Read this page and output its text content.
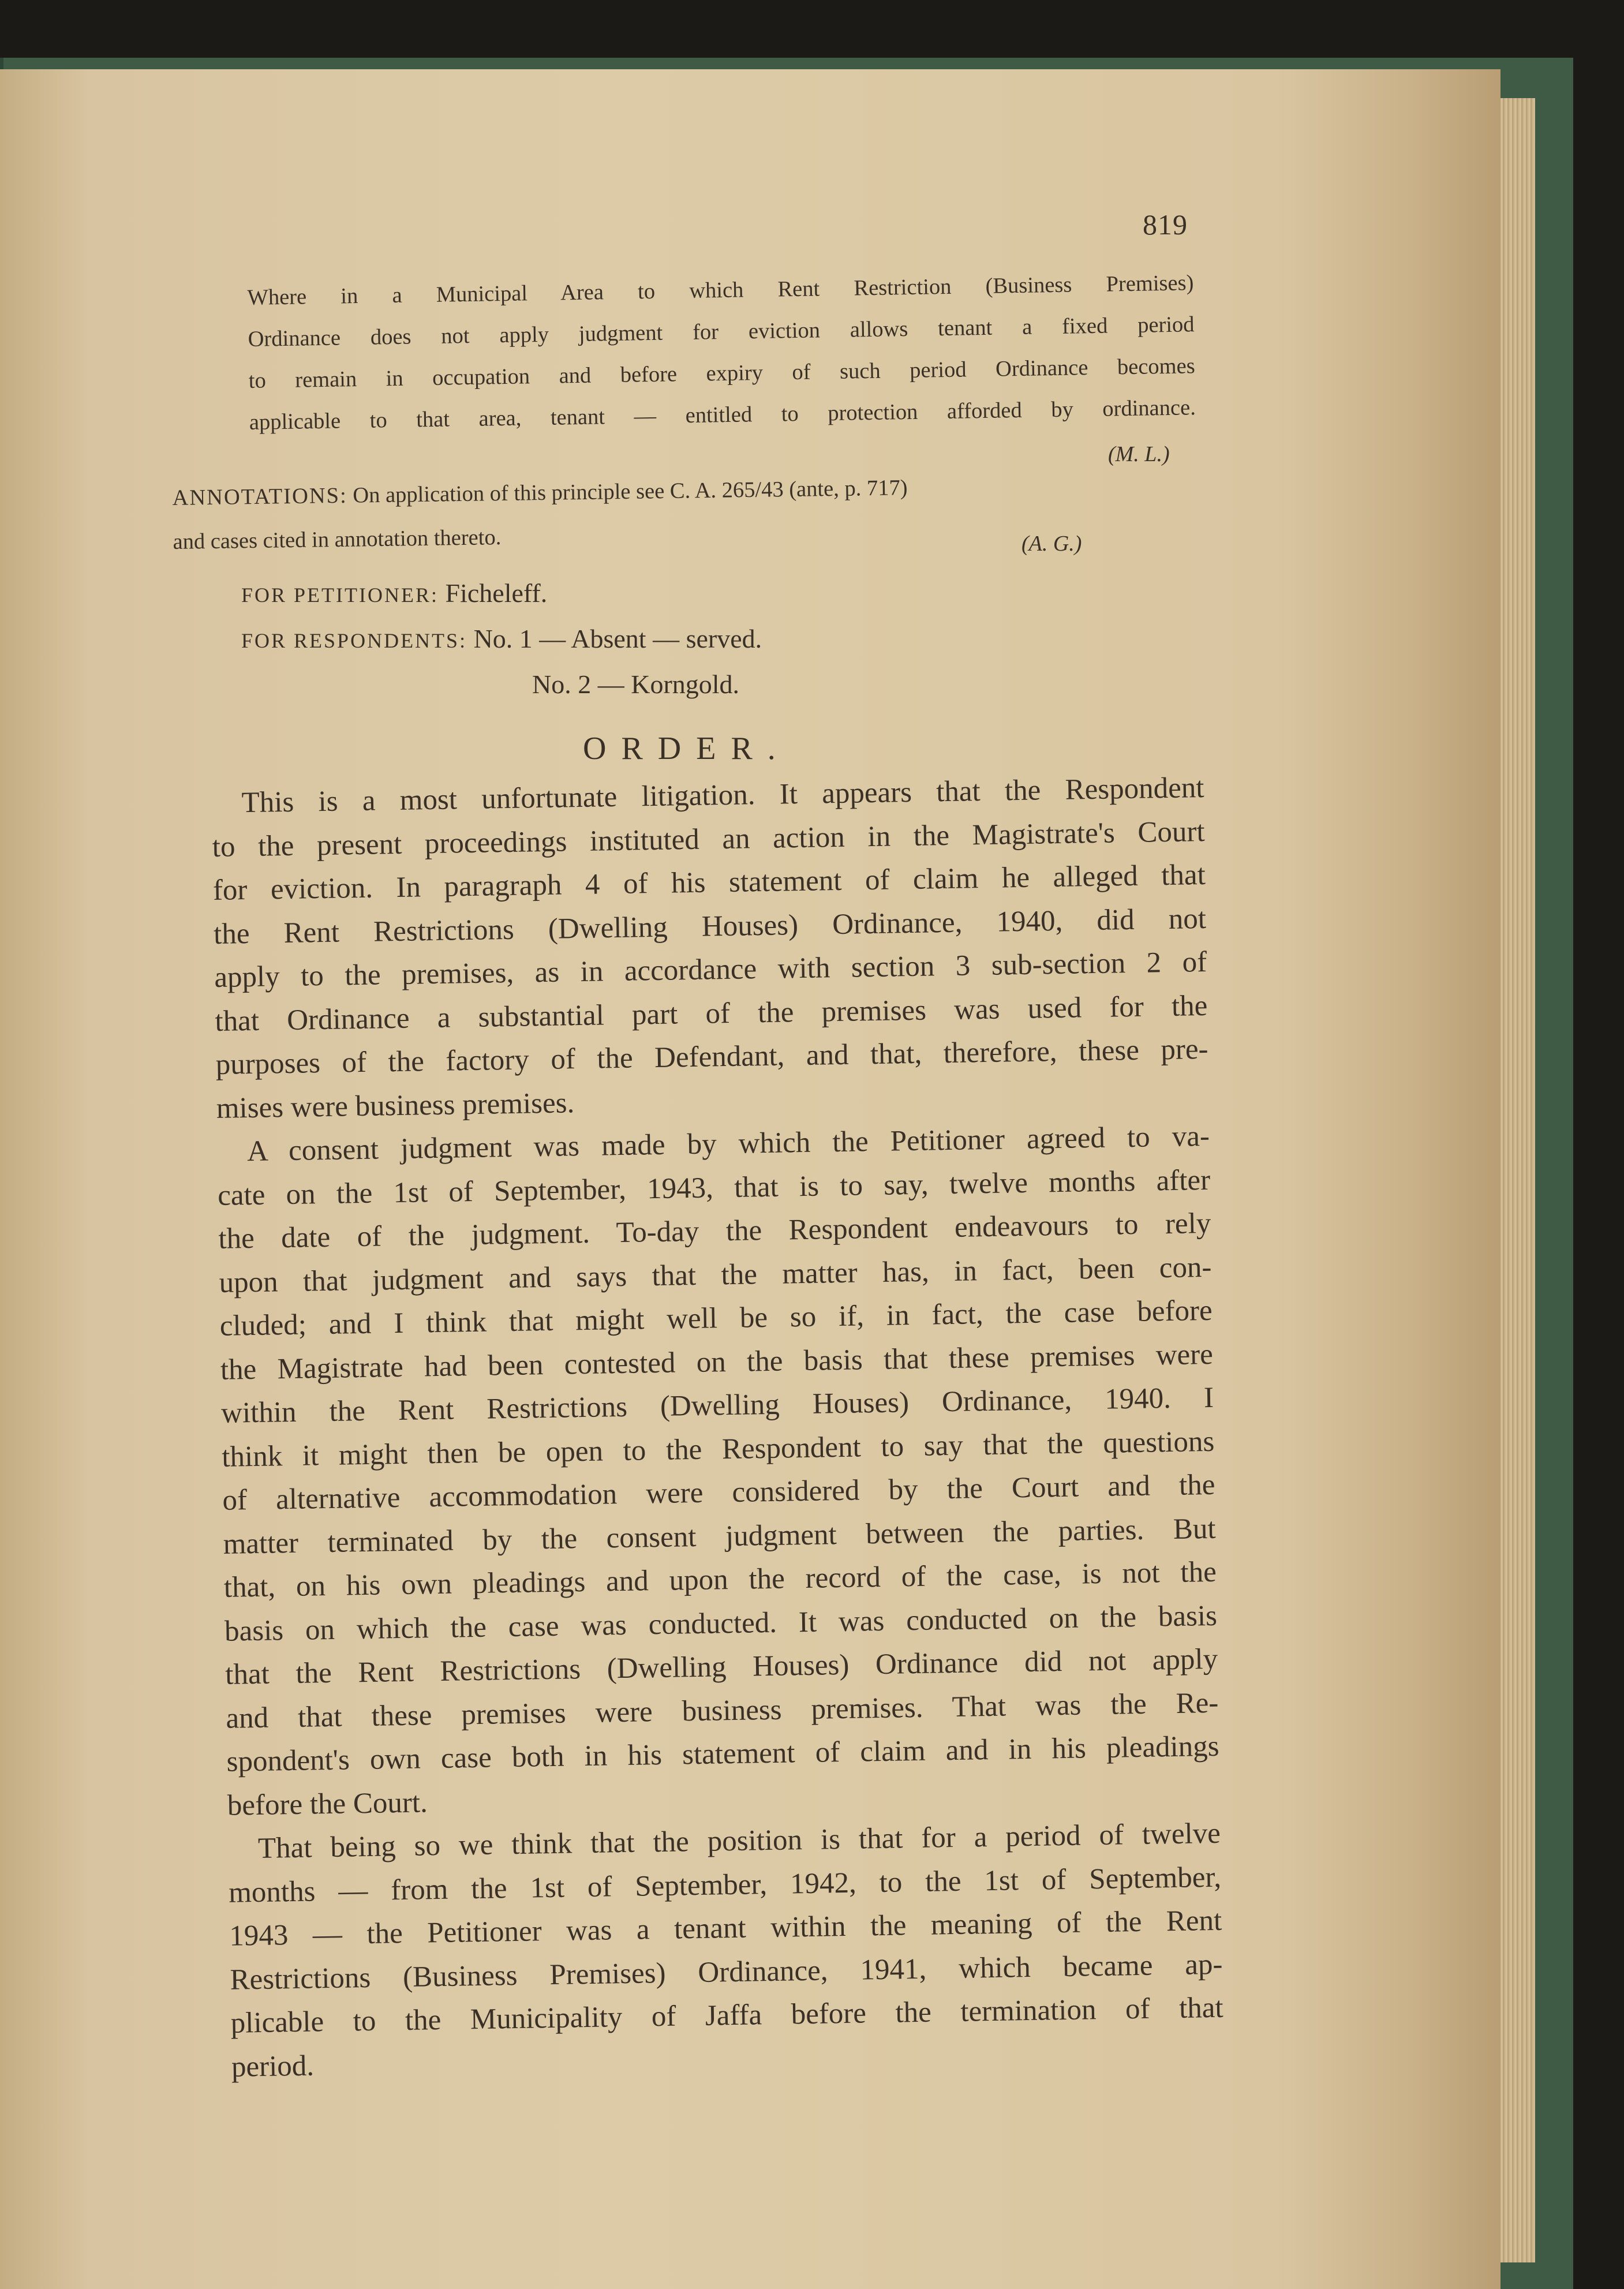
819
Where in a Municipal Area to which Rent Restriction (Business Premises)
Ordinance does not apply judgment for eviction allows tenant a fixed period
to remain in occupation and before expiry of such period Ordinance becomes
applicable to that area, tenant — entitled to protection afforded by ordinance.
(M. L.)
ANNOTATIONS: On application of this principle see C. A. 265/43 (ante, p. 717)
and cases cited in annotation thereto.	(A. G.)
FOR PETITIONER: Ficheleff.
FOR RESPONDENTS: No. 1 — Absent — served.
No. 2 — Korngold.
ORDER.
This is a most unfortunate litigation. It appears that the Respondent
to the present proceedings instituted an action in the Magistrate's Court
for eviction. In paragraph 4 of his statement of claim he alleged that
the Rent Restrictions (Dwelling Houses) Ordinance, 1940, did not
apply to the premises, as in accordance with section 3 sub-section 2 of
that Ordinance a substantial part of the premises was used for the
purposes of the factory of the Defendant, and that, therefore, these pre-
mises were business premises.
A consent judgment was made by which the Petitioner agreed to va-
cate on the 1st of September, 1943, that is to say, twelve months after
the date of the judgment. To-day the Respondent endeavours to rely
upon that judgment and says that the matter has, in fact, been con-
cluded; and I think that might well be so if, in fact, the case before
the Magistrate had been contested on the basis that these premises were
within the Rent Restrictions (Dwelling Houses) Ordinance, 1940. I
think it might then be open to the Respondent to say that the questions
of alternative accommodation were considered by the Court and the
matter terminated by the consent judgment between the parties. But
that, on his own pleadings and upon the record of the case, is not the
basis on which the case was conducted. It was conducted on the basis
that the Rent Restrictions (Dwelling Houses) Ordinance did not apply
and that these premises were business premises. That was the Re-
spondent's own case both in his statement of claim and in his pleadings
before the Court.
That being so we think that the position is that for a period of twelve
months — from the 1st of September, 1942, to the 1st of September,
1943 — the Petitioner was a tenant within the meaning of the Rent
Restrictions (Business Premises) Ordinance, 1941, which became ap-
plicable to the Municipality of Jaffa before the termination of that
period.
